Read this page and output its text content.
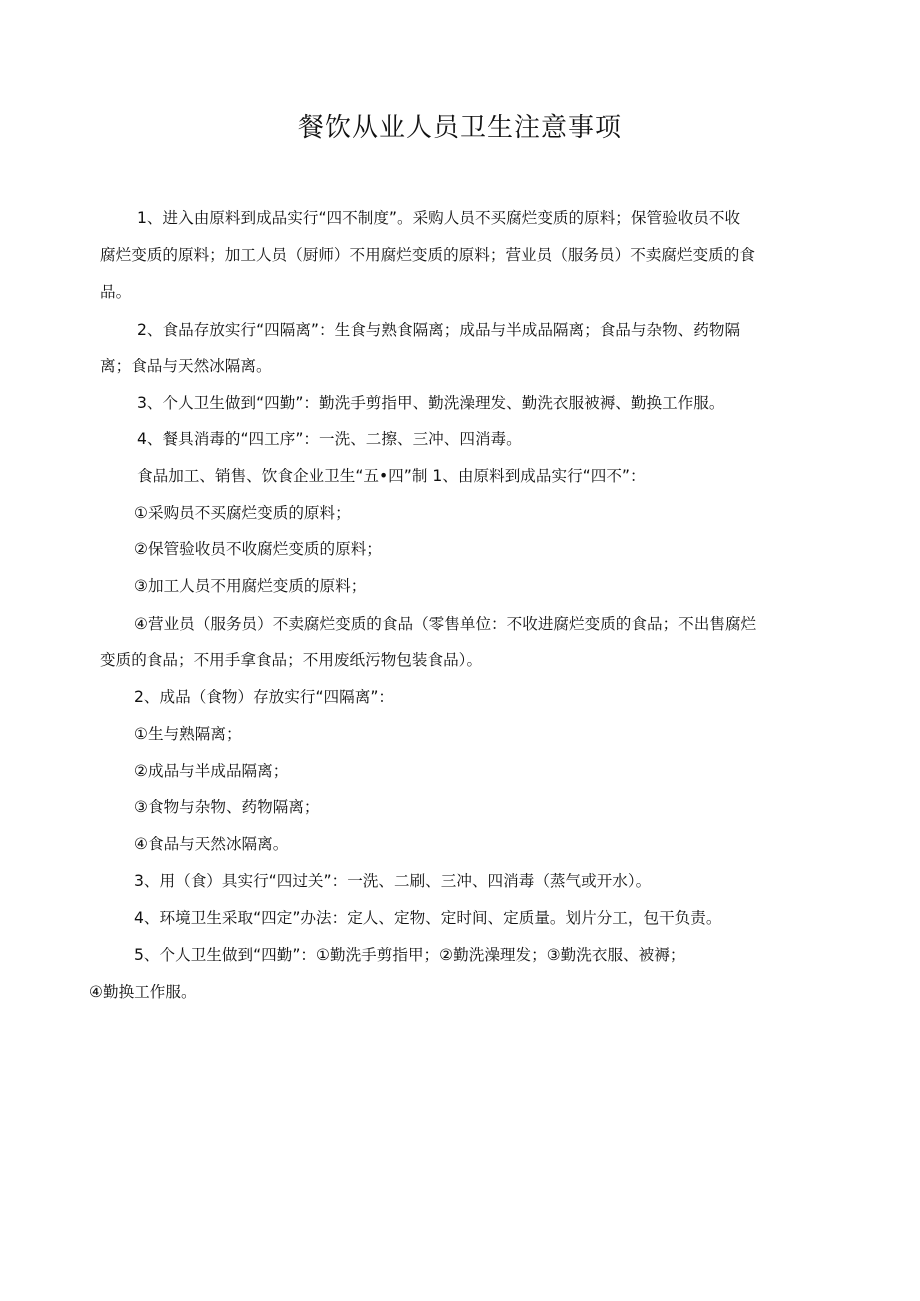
餐饮从业人员卫生注意事项

1、进入由原料到成品实行“四不制度”。采购人员不买腐烂变质的原料；保管验收员不收

腐烂变质的原料；加工人员（厨师）不用腐烂变质的原料；营业员（服务员）不卖腐烂变质的食

品。

2、食品存放实行“四隔离”：生食与熟食隔离；成品与半成品隔离；食品与杂物、药物隔

离；食品与天然冰隔离。

3、个人卫生做到“四勤”：勤洗手剪指甲、勤洗澡理发、勤洗衣服被褥、勤换工作服。

4、餐具消毒的“四工序”：一洗、二擦、三冲、四消毒。

食品加工、销售、饮食企业卫生“五•四”制 1、由原料到成品实行“四不”：

①采购员不买腐烂变质的原料；

②保管验收员不收腐烂变质的原料；

③加工人员不用腐烂变质的原料；

④营业员（服务员）不卖腐烂变质的食品（零售单位：不收进腐烂变质的食品；不出售腐烂

变质的食品；不用手拿食品；不用废纸污物包装食品）。

2、成品（食物）存放实行“四隔离”：

①生与熟隔离；

②成品与半成品隔离；

③食物与杂物、药物隔离；

④食品与天然冰隔离。

3、用（食）具实行“四过关”：一洗、二刷、三冲、四消毒（蒸气或开水）。

4、环境卫生采取“四定”办法：定人、定物、定时间、定质量。划片分工，包干负责。

5、个人卫生做到“四勤”：①勤洗手剪指甲；②勤洗澡理发；③勤洗衣服、被褥；

④勤换工作服。
